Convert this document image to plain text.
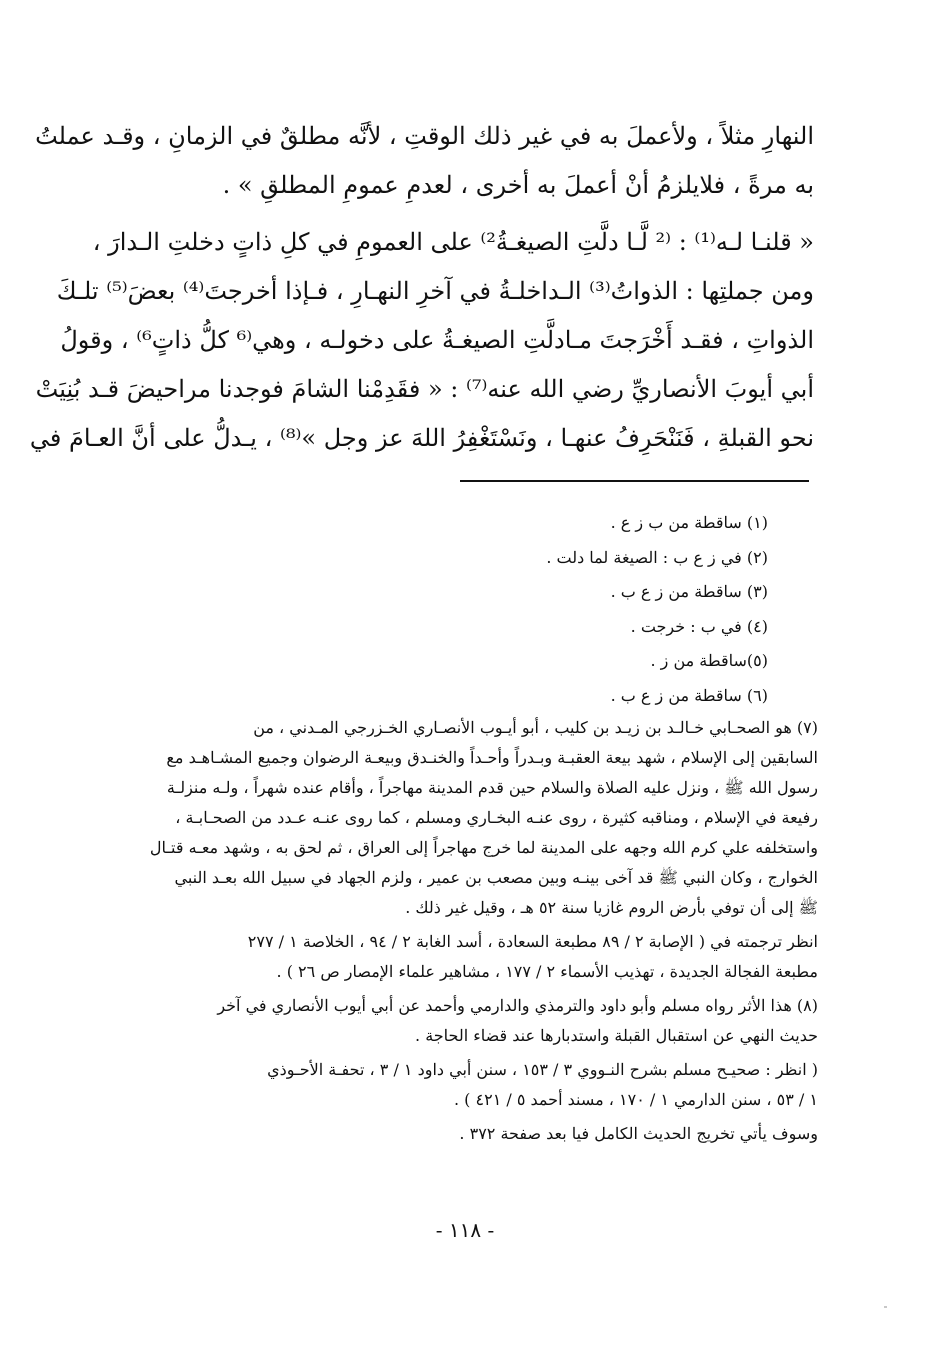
النهارِ مثلاً ، ولأعملَ به في غير ذلك الوقتِ ، لأنَّه مطلقٌ في الزمانِ ، وقـد عملتُ
به مرةً ، فلايلزمُ أنْ أعملَ به أخرى ، لعدمِ عمومِ المطلقِ » .
« قلنـا لـه⁽¹⁾ : ⁽² لَّـا دلَّتِ الصيغـةُ²⁾ على العمومِ في كلِ ذاتٍ دخلتِ الـدارَ ،
ومن جملتِها : الذواتُ⁽³⁾ الـداخلـةُ في آخرِ النهـارِ ، فـإذا أخرجتَ⁽⁴⁾ بعضَ⁽⁵⁾ تلـكَ
الذواتِ ، فقـد أَخْرَجتَ مـادلَّتِ الصيغـةُ على دخولـه ، وهي⁽⁶ كلُّ ذاتٍ⁶⁾ ، وقولُ
أبي أيوبَ الأنصاريِّ رضي الله عنه⁽⁷⁾ : « فقَدِمْنا الشامَ فوجدنا مراحيضَ قـد بُنِيَتْ
نحو القبلةِ ، فَنَنْحَرِفُ عنهـا ، ونَسْتَغْفِرُ اللهَ عز وجل »⁽⁸⁾ ، يـدلُّ على أنَّ العـامَ في
(١) ساقطة من ب ز ع .
(٢) في ز ع ب : الصيغة لما دلت .
(٣) ساقطة من ز ع ب .
(٤) في ب : خرجت .
(٥)ساقطة من ز .
(٦) ساقطة من ز ع ب .
(٧) هو الصحـابي خـالـد بن زيـد بن كليب ، أبو أيـوب الأنصـاري الخـزرجي المـدني ، من
السابقين إلى الإسلام ، شهد بيعة العقبـة وبـدراً وأحـداً والخنـدق وبيعـة الرضوان وجميع المشـاهـد مع
رسول الله ﷺ ، ونزل عليه الصلاة والسلام حين قدم المدينة مهاجراً ، وأقام عنده شهراً ، ولـه منزلـة
رفيعة في الإسلام ، ومناقبه كثيرة ، روى عنـه البخـاري ومسلم ، كما روى عنـه عـدد من الصحـابـة ،
واستخلفه علي كرم الله وجهه على المدينة لما خرج مهاجراً إلى العراق ، ثم لحق به ، وشهد معـه قتـال
الخوارج ، وكان النبي ﷺ قد آخى بينـه وبين مصعب بن عمير ، ولزم الجهاد في سبيل الله بعـد النبي
ﷺ إلى أن توفي بأرض الروم غازيا سنة ٥٢ هـ ، وقيل غير ذلك .
انظر ترجمته في ( الإصابة ٢ / ٨٩ مطبعة السعادة ، أسد الغابة ٢ / ٩٤ ، الخلاصة ١ / ٢٧٧
مطبعة الفجالة الجديدة ، تهذيب الأسماء ٢ / ١٧٧ ، مشاهير علماء الإمصار ص ٢٦ ) .
(٨) هذا الأثر رواه مسلم وأبو داود والترمذي والدارمي وأحمد عن أبي أيوب الأنصاري في آخر
حديث النهي عن استقبال القبلة واستدبارها عند قضاء الحاجة .
( انظر : صحيـح مسلم بشرح النـووي ٣ / ١٥٣ ، سنن أبي داود ١ / ٣ ، تحفـة الأحـوذي
١ / ٥٣ ، سنن الدارمي ١ / ١٧٠ ، مسند أحمد ٥ / ٤٢١ ) .
وسوف يأتي تخريج الحديث الكامل فيا بعد صفحة ٣٧٢ .
- ١١٨ -
